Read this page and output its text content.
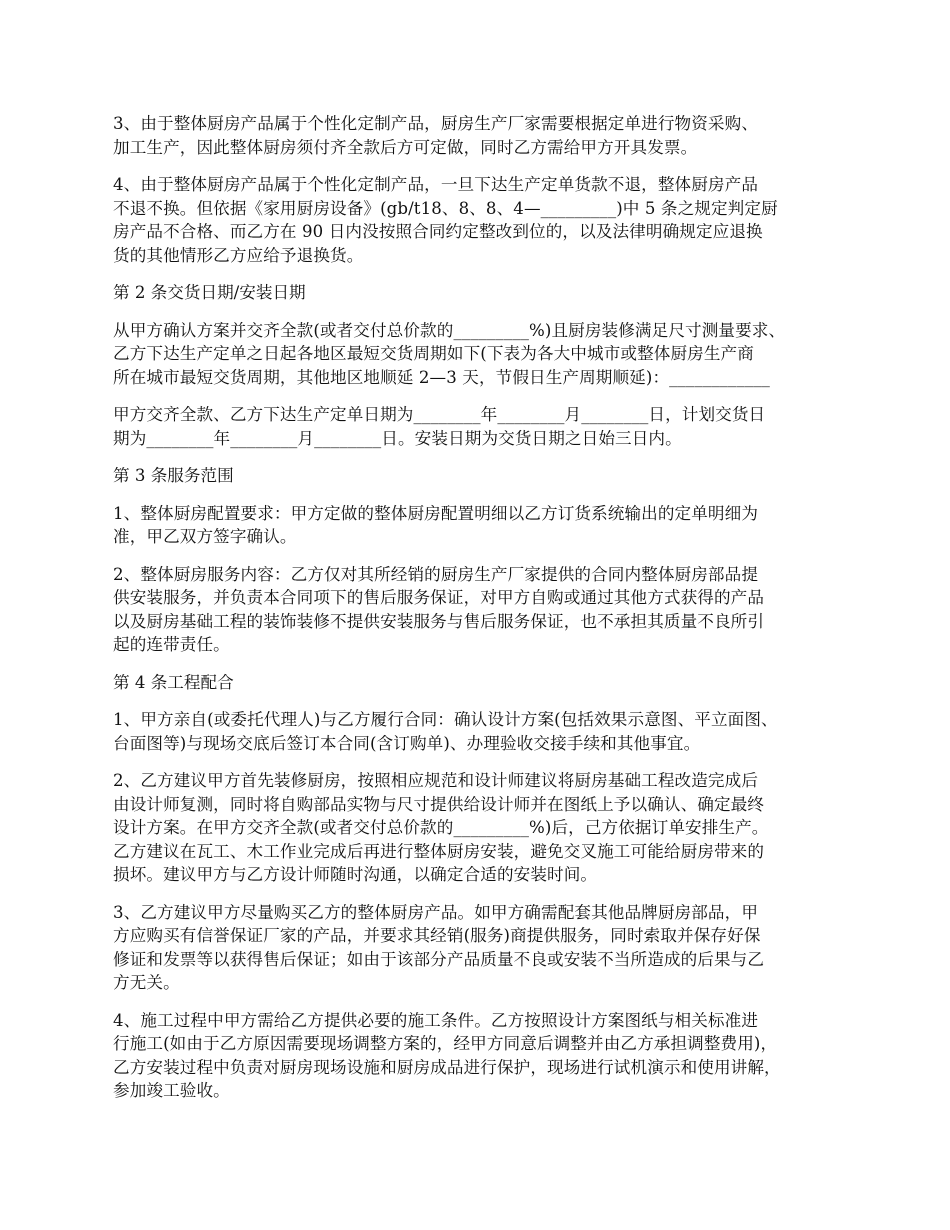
3、由于整体厨房产品属于个性化定制产品，厨房生产厂家需要根据定单进行物资采购、
加工生产，因此整体厨房须付齐全款后方可定做，同时乙方需给甲方开具发票。

4、由于整体厨房产品属于个性化定制产品，一旦下达生产定单货款不退，整体厨房产品
不退不换。但依据《家用厨房设备》(gb/t18、8、8、4—_________)中 5 条之规定判定厨
房产品不合格、而乙方在 90 日内没按照合同约定整改到位的，以及法律明确规定应退换
货的其他情形乙方应给予退换货。

第 2 条交货日期/安装日期

从甲方确认方案并交齐全款(或者交付总价款的_________%)且厨房装修满足尺寸测量要求、
乙方下达生产定单之日起各地区最短交货周期如下(下表为各大中城市或整体厨房生产商
所在城市最短交货周期，其他地区地顺延 2—3 天，节假日生产周期顺延)：____________

甲方交齐全款、乙方下达生产定单日期为________年________月________日，计划交货日
期为________年________月________日。安装日期为交货日期之日始三日内。

第 3 条服务范围

1、整体厨房配置要求：甲方定做的整体厨房配置明细以乙方订货系统输出的定单明细为
准，甲乙双方签字确认。

2、整体厨房服务内容：乙方仅对其所经销的厨房生产厂家提供的合同内整体厨房部品提
供安装服务，并负责本合同项下的售后服务保证，对甲方自购或通过其他方式获得的产品
以及厨房基础工程的装饰装修不提供安装服务与售后服务保证，也不承担其质量不良所引
起的连带责任。

第 4 条工程配合

1、甲方亲自(或委托代理人)与乙方履行合同：确认设计方案(包括效果示意图、平立面图、
台面图等)与现场交底后签订本合同(含订购单)、办理验收交接手续和其他事宜。

2、乙方建议甲方首先装修厨房，按照相应规范和设计师建议将厨房基础工程改造完成后
由设计师复测，同时将自购部品实物与尺寸提供给设计师并在图纸上予以确认、确定最终
设计方案。在甲方交齐全款(或者交付总价款的_________%)后，己方依据订单安排生产。
乙方建议在瓦工、木工作业完成后再进行整体厨房安装，避免交叉施工可能给厨房带来的
损坏。建议甲方与乙方设计师随时沟通，以确定合适的安装时间。

3、乙方建议甲方尽量购买乙方的整体厨房产品。如甲方确需配套其他品牌厨房部品，甲
方应购买有信誉保证厂家的产品，并要求其经销(服务)商提供服务，同时索取并保存好保
修证和发票等以获得售后保证；如由于该部分产品质量不良或安装不当所造成的后果与乙
方无关。

4、施工过程中甲方需给乙方提供必要的施工条件。乙方按照设计方案图纸与相关标准进
行施工(如由于乙方原因需要现场调整方案的，经甲方同意后调整并由乙方承担调整费用)，
乙方安装过程中负责对厨房现场设施和厨房成品进行保护，现场进行试机演示和使用讲解，
参加竣工验收。
